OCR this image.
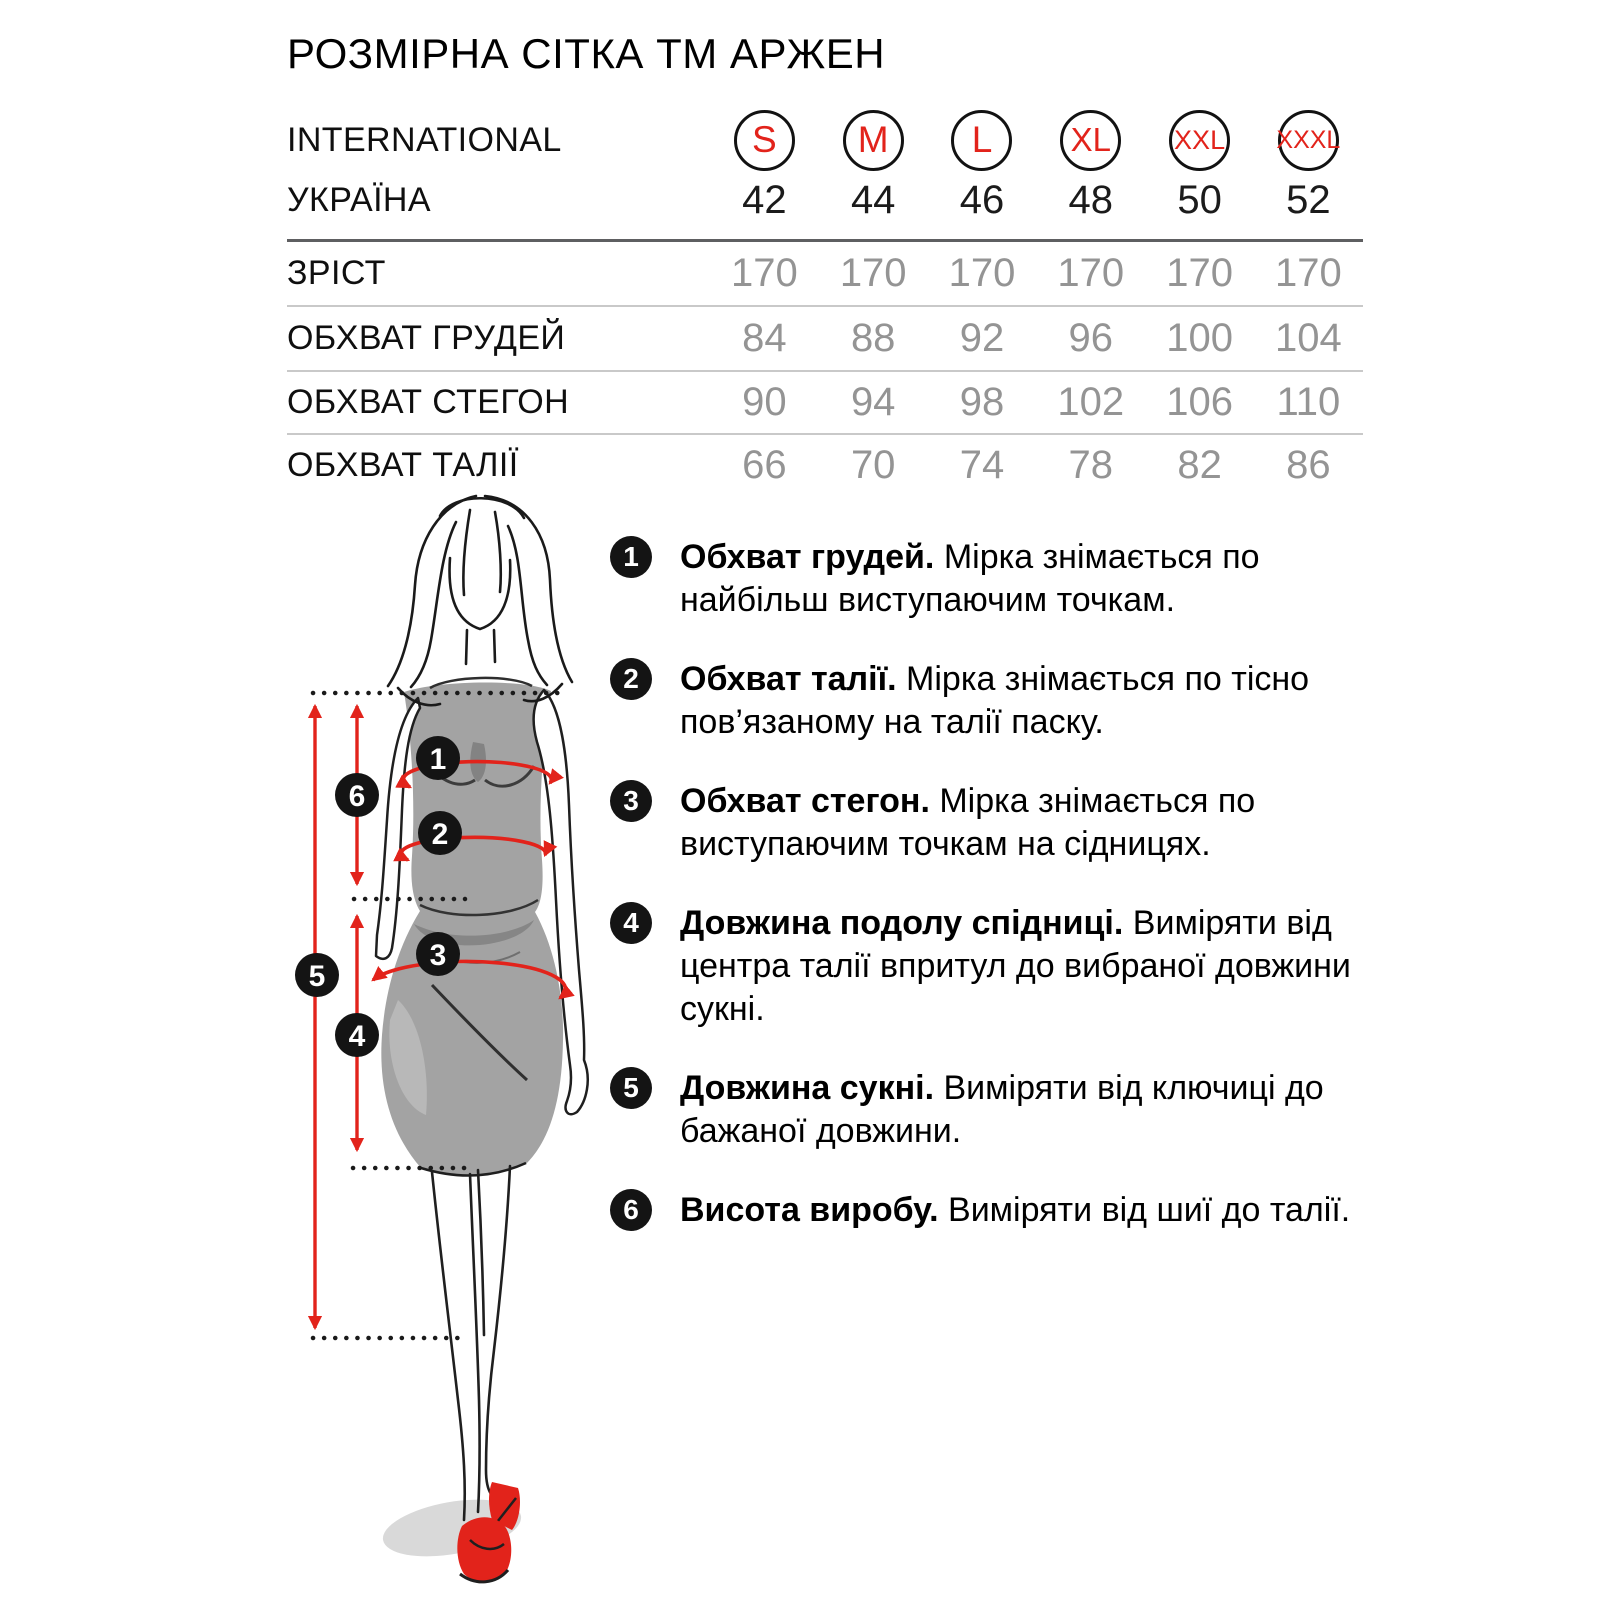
РОЗМІРНА СІТКА ТМ АРЖЕН
INTERNATIONAL	S M L XL XXL XXXL
УКРАЇНА	42	44	46	48	50	52
ЗРІСТ	170	170	170	170	170	170
ОБХВАТ ГРУДЕЙ	84	88	92	96	100	104
ОБХВАТ СТЕГОН	90	94	98	102	106	110
ОБХВАТ ТАЛІЇ	66	70	74	78	82	86
1
2
3
4
5
6
1	Обхват грудей. Мірка знімається по найбільш виступаючим точкам.

2	Обхват талії. Мірка знімається по тісно пов’язаному на талії паску.

3	Обхват стегон. Мірка знімається по виступаючим точкам на сідницях.

4	Довжина подолу спідниці. Виміряти від центра талії впритул до вибраної довжини сукні.

5	Довжина сукні. Виміряти від ключиці до бажаної довжини.

6	Висота виробу. Виміряти від шиї до талії.
